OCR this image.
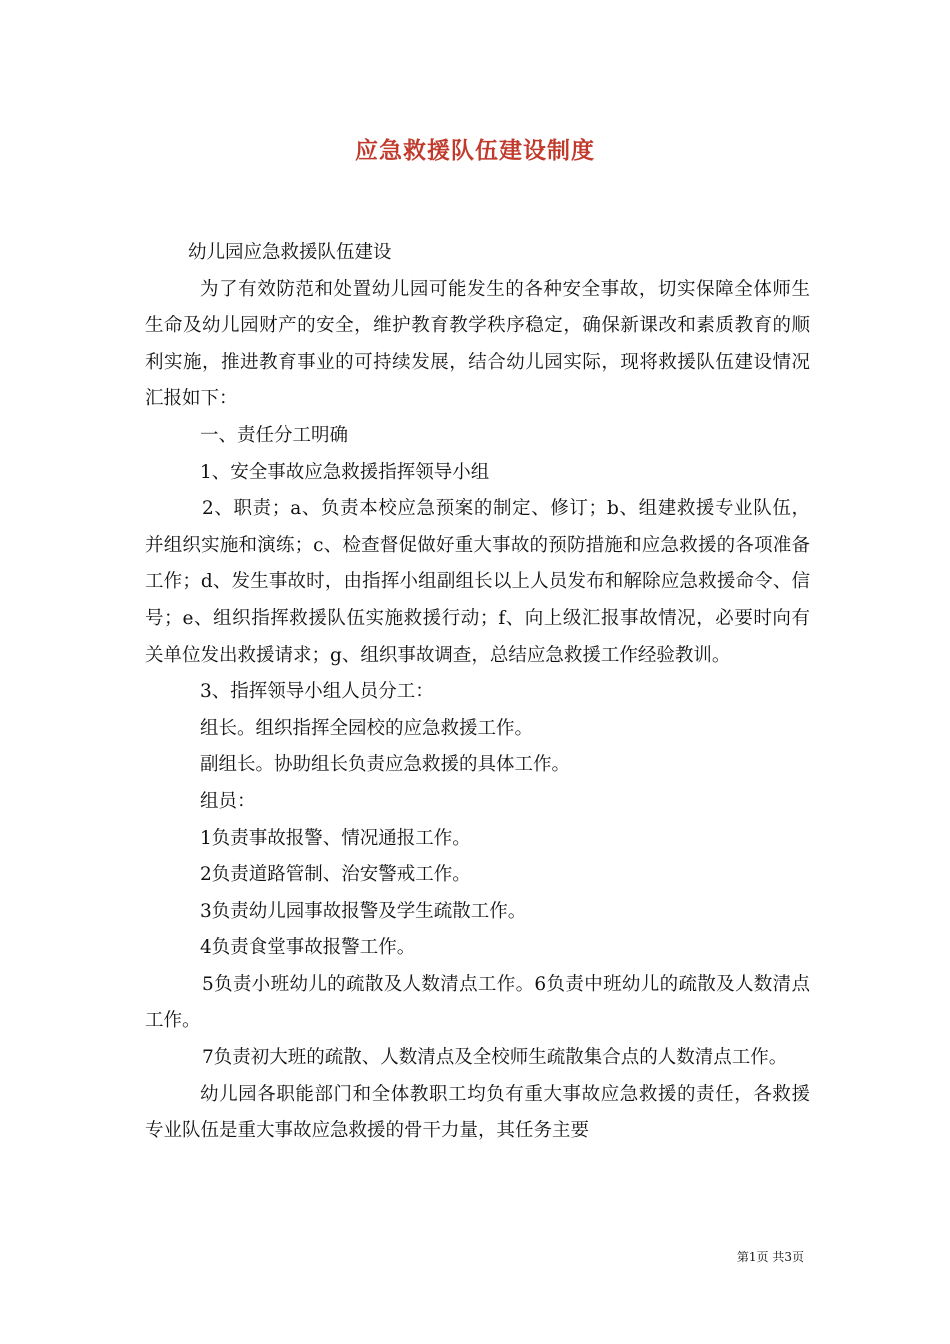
应急救援队伍建设制度

幼儿园应急救援队伍建设

为了有效防范和处置幼儿园可能发生的各种安全事故，切实保障全体师生生命及幼儿园财产的安全，维护教育教学秩序稳定，确保新课改和素质教育的顺利实施，推进教育事业的可持续发展，结合幼儿园实际，现将救援队伍建设情况汇报如下：

一、责任分工明确

1、安全事故应急救援指挥领导小组

2、职责；a、负责本校应急预案的制定、修订；b、组建救援专业队伍，并组织实施和演练；c、检查督促做好重大事故的预防措施和应急救援的各项准备工作；d、发生事故时，由指挥小组副组长以上人员发布和解除应急救援命令、信号；e、组织指挥救援队伍实施救援行动；f、向上级汇报事故情况，必要时向有关单位发出救援请求；g、组织事故调查，总结应急救援工作经验教训。

3、指挥领导小组人员分工：

组长。组织指挥全园校的应急救援工作。

副组长。协助组长负责应急救援的具体工作。

组员：

1负责事故报警、情况通报工作。

2负责道路管制、治安警戒工作。

3负责幼儿园事故报警及学生疏散工作。

4负责食堂事故报警工作。

5负责小班幼儿的疏散及人数清点工作。6负责中班幼儿的疏散及人数清点工作。

7负责初大班的疏散、人数清点及全校师生疏散集合点的人数清点工作。

幼儿园各职能部门和全体教职工均负有重大事故应急救援的责任，各救援专业队伍是重大事故应急救援的骨干力量，其任务主要

第1页 共3页
